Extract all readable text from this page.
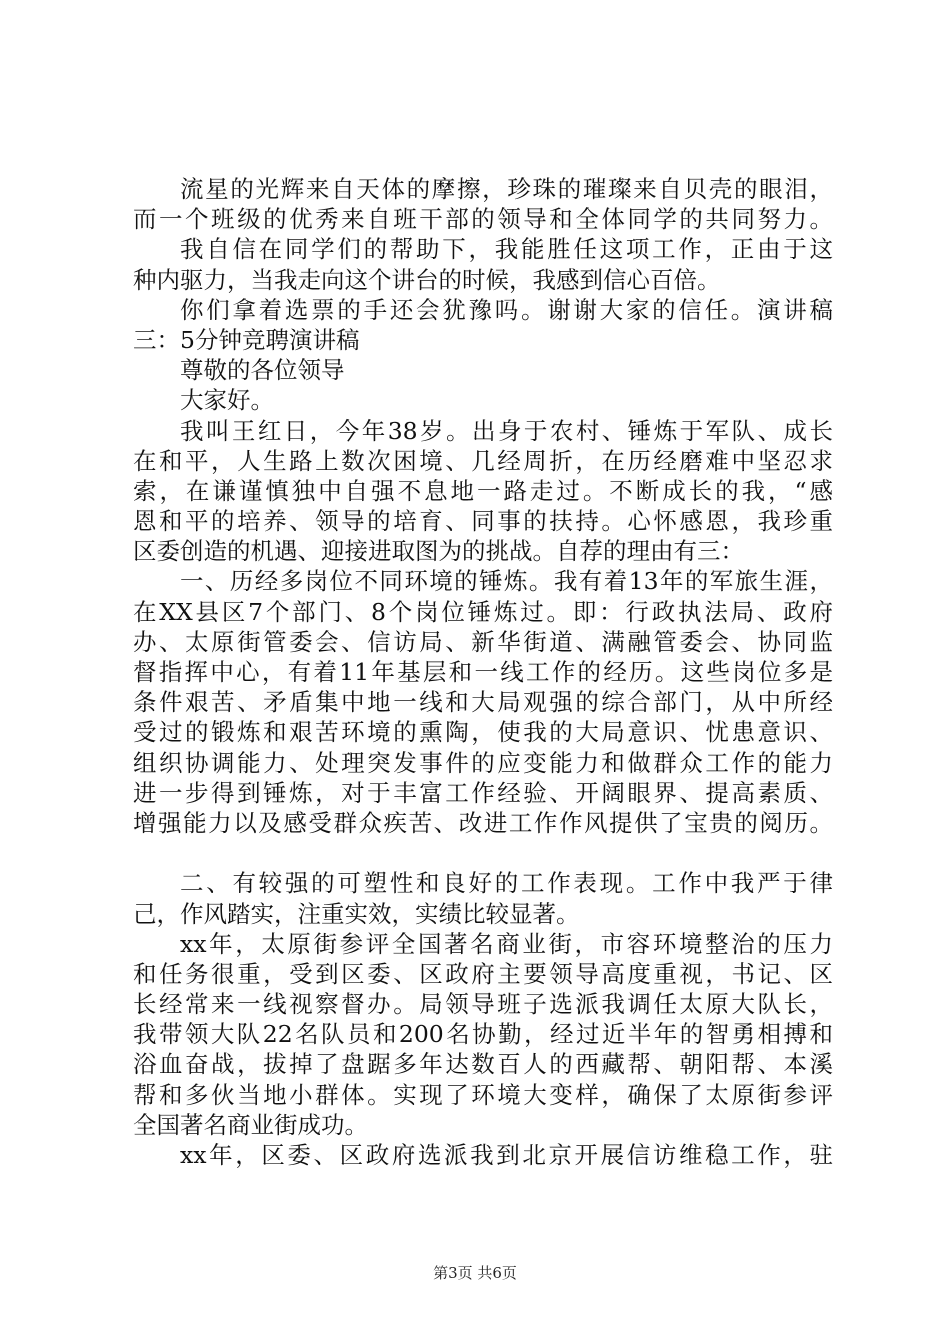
流星的光辉来自天体的摩擦，珍珠的璀璨来自贝壳的眼泪，
而一个班级的优秀来自班干部的领导和全体同学的共同努力。
我自信在同学们的帮助下，我能胜任这项工作，正由于这
种内驱力，当我走向这个讲台的时候，我感到信心百倍。
你们拿着选票的手还会犹豫吗。谢谢大家的信任。演讲稿
三：5分钟竞聘演讲稿
尊敬的各位领导
大家好。
我叫王红日，今年38岁。出身于农村、锤炼于军队、成长
在和平，人生路上数次困境、几经周折，在历经磨难中坚忍求
索，在谦谨慎独中自强不息地一路走过。不断成长的我，“感
恩和平的培养、领导的培育、同事的扶持。心怀感恩，我珍重
区委创造的机遇、迎接进取图为的挑战。自荐的理由有三：
一、历经多岗位不同环境的锤炼。我有着13年的军旅生涯，
在XX县区7个部门、8个岗位锤炼过。即：行政执法局、政府
办、太原街管委会、信访局、新华街道、满融管委会、协同监
督指挥中心，有着11年基层和一线工作的经历。这些岗位多是
条件艰苦、矛盾集中地一线和大局观强的综合部门，从中所经
受过的锻炼和艰苦环境的熏陶，使我的大局意识、忧患意识、
组织协调能力、处理突发事件的应变能力和做群众工作的能力
进一步得到锤炼，对于丰富工作经验、开阔眼界、提高素质、
增强能力以及感受群众疾苦、改进工作作风提供了宝贵的阅历。
二、有较强的可塑性和良好的工作表现。工作中我严于律
己，作风踏实，注重实效，实绩比较显著。
xx年，太原街参评全国著名商业街，市容环境整治的压力
和任务很重，受到区委、区政府主要领导高度重视，书记、区
长经常来一线视察督办。局领导班子选派我调任太原大队长，
我带领大队22名队员和200名协勤，经过近半年的智勇相搏和
浴血奋战，拔掉了盘踞多年达数百人的西藏帮、朝阳帮、本溪
帮和多伙当地小群体。实现了环境大变样，确保了太原街参评
全国著名商业街成功。
xx年，区委、区政府选派我到北京开展信访维稳工作，驻
第3页 共6页
